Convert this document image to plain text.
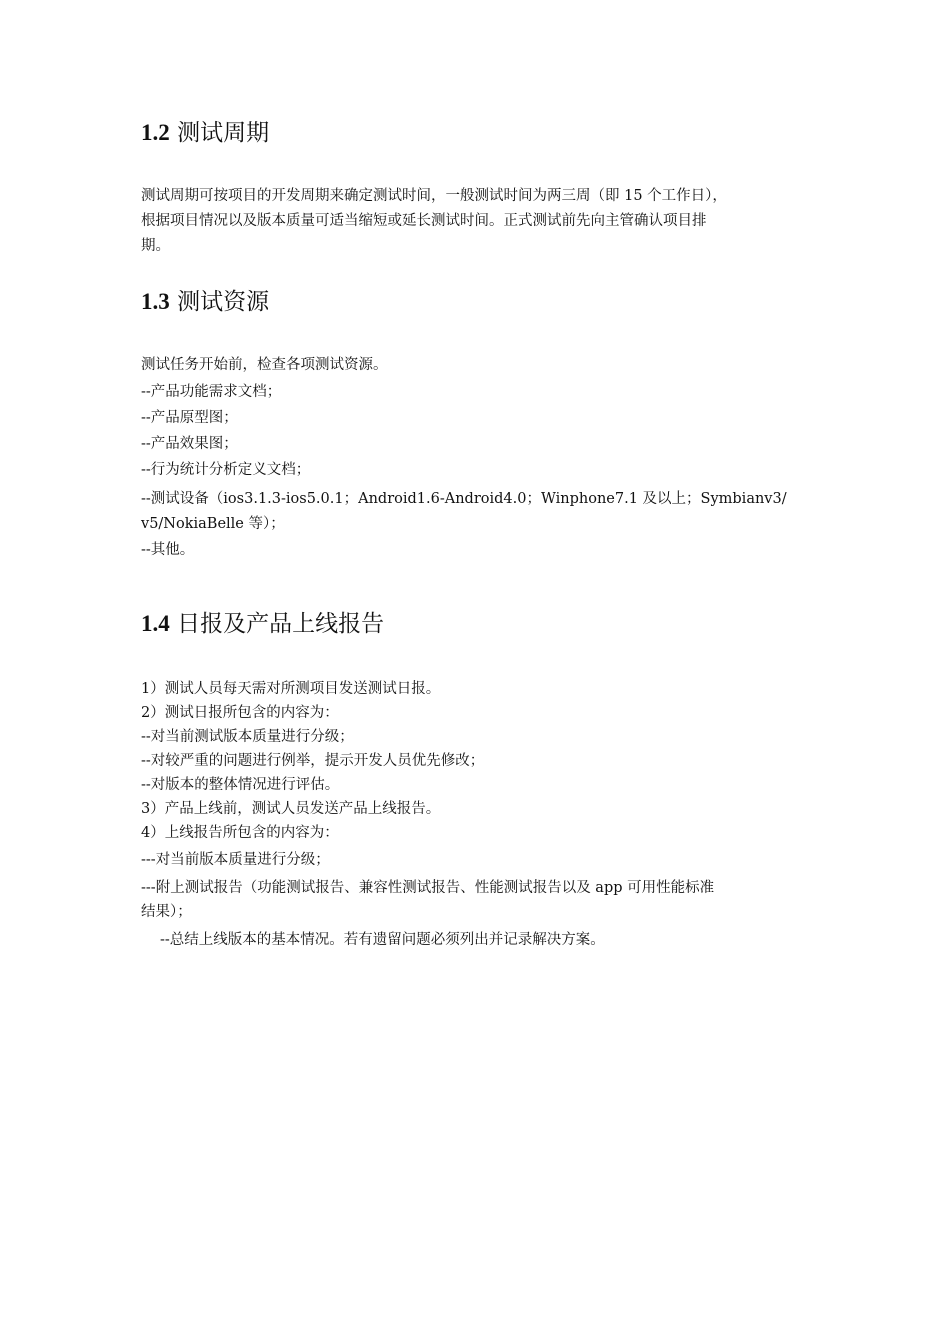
1.2 测试周期

测试周期可按项目的开发周期来确定测试时间，一般测试时间为两三周（即 15 个工作日），

根据项目情况以及版本质量可适当缩短或延长测试时间。正式测试前先向主管确认项目排

期。

1.3 测试资源

测试任务开始前，检查各项测试资源。

--产品功能需求文档；

--产品原型图；

--产品效果图；

--行为统计分析定义文档；

--测试设备（ios3.1.3-ios5.0.1；Android1.6-Android4.0；Winphone7.1 及以上；Symbianv3/

v5/NokiaBelle 等）；

--其他。

1.4 日报及产品上线报告

1）测试人员每天需对所测项目发送测试日报。

2）测试日报所包含的内容为：

--对当前测试版本质量进行分级；

--对较严重的问题进行例举，提示开发人员优先修改；

--对版本的整体情况进行评估。

3）产品上线前，测试人员发送产品上线报告。

4）上线报告所包含的内容为：

---对当前版本质量进行分级；

---附上测试报告（功能测试报告、兼容性测试报告、性能测试报告以及 app 可用性能标准

结果）；

--总结上线版本的基本情况。若有遗留问题必须列出并记录解决方案。
